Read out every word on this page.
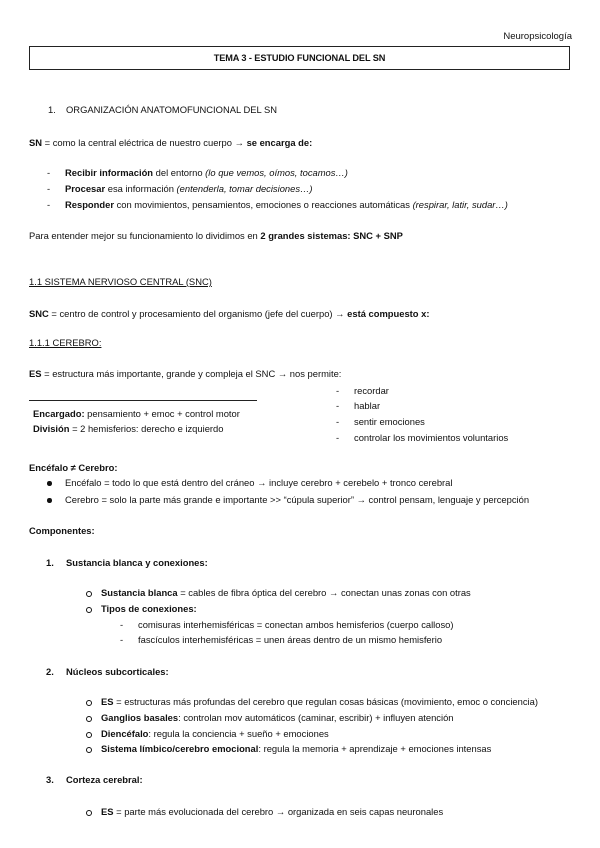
Neuropsicología
TEMA 3 - ESTUDIO FUNCIONAL DEL SN
1. ORGANIZACIÓN ANATOMOFUNCIONAL DEL SN
SN = como la central eléctrica de nuestro cuerpo → se encarga de:
- Recibir información del entorno (lo que vemos, oímos, tocamos…)
- Procesar esa información (entenderla, tomar decisiones…)
- Responder con movimientos, pensamientos, emociones o reacciones automáticas (respirar, latir, sudar…)
Para entender mejor su funcionamiento lo dividimos en 2 grandes sistemas: SNC + SNP
1.1 SISTEMA NERVIOSO CENTRAL (SNC)
SNC = centro de control y procesamiento del organismo (jefe del cuerpo) → está compuesto x:
1.1.1 CEREBRO:
ES = estructura más importante, grande y compleja el SNC → nos permite:
- recordar
- hablar
- sentir emociones
- controlar los movimientos voluntarios
Encargado: pensamiento + emoc + control motor
División = 2 hemisferios: derecho e izquierdo
Encéfalo ≠ Cerebro:
Encéfalo = todo lo que está dentro del cráneo → incluye cerebro + cerebelo + tronco cerebral
Cerebro = solo la parte más grande e importante >> “cúpula superior” → control pensam, lenguaje y percepción
Componentes:
1. Sustancia blanca y conexiones:
Sustancia blanca = cables de fibra óptica del cerebro → conectan unas zonas con otras
Tipos de conexiones:
- comisuras interhemisféricas = conectan ambos hemisferios (cuerpo calloso)
- fascículos interhemisféricas = unen áreas dentro de un mismo hemisferio
2. Núcleos subcorticales:
ES = estructuras más profundas del cerebro que regulan cosas básicas (movimiento, emoc o conciencia)
Ganglios basales: controlan mov automáticos (caminar, escribir) + influyen atención
Diencéfalo: regula la conciencia + sueño + emociones
Sistema límbico/cerebro emocional: regula la memoria + aprendizaje + emociones intensas
3. Corteza cerebral:
ES = parte más evolucionada del cerebro → organizada en seis capas neuronales
